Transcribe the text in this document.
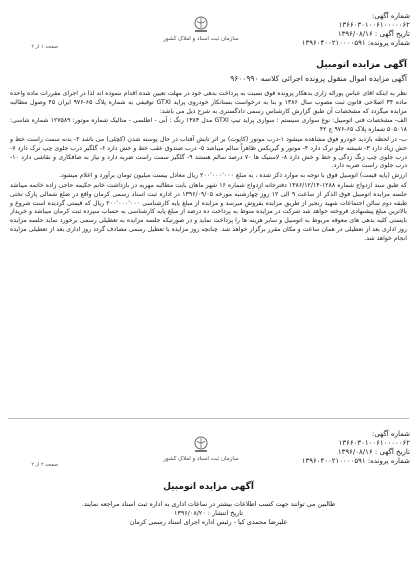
شماره آگهی: ۱۳۶۶۰۳۰۱۰۰۶۱۰۰۰۰۰۶۲
تاریخ آگهی : ۱۳۹۶/۰۸/۱۶
شماره پرونده: ۱۳۹۶۰۴۰۰۲۱۰۰۰۰۵۹۱
سازمان ثبت اسناد و املاک کشور
صفحه ۱ از ۲
آگهی مزایده اتومبیل
آگهی مزایده اموال منقول پرونده اجرائی کلاسه ۹۶۰۰۹۹۰

نظر به اینکه آقای عباس پورآله زاری بدهکار پرونده فوق نسبت به پرداخت بدهی خود در مهلت تعیین شده اقدام ننموده اند لذا در اجرای مقررات ماده واحده ماده ۳۴ اصلاحی قانون ثبت مصوب سال ۱۳۸۶ و بنا به درخواست بستانکار خودروی پراید GTXI توقیفی به شماره پلاک ۶۵-۹۷۶ ایران ۴۵ وصول مطالبه مزایده میگردد که مشخصات آن طبق گزارش کارشناس رسمی دادگستری به شرح ذیل می باشد:

الف- مشخصات فنی اتومبیل: نوع سواری سیستم : سواری پراید تیپ GTXI مدل ۱۳۸۳ رنگ : آبی - اطلسی - متالیک شماره موتور: ۱۲۷۵۸۹ شماره شاسی: ۵۰۵۰۱۸ شماره پلاک ۶۵-۹۷۶ ج ۴۲

ب- در لحظه بازدید خودرو فوق مشاهده میشود ۱-درب موتور (کاپوت) بر اثر تابش آفتاب در حال پوسته شدن (کچلی) می باشد ۲- بدنه سمت راست خط و خش زیاد دارد ۳- شیشه جلو ترک دارد ۴- موتور و گیربکس ظاهراً سالم میباشد ۵- درب صندوق عقب خط و خش دارد ۶- گلگیر درب جلوی چپ ترک دارد ۷- درب جلوی چپ زنگ زدگی و خط و خش دارد ۸- لاستیک ها ۷۰ درصد سالم هستند ۹- گلگیر سمت راست ضربه دارد و نیاز به صافکاری و نقاشی دارد ۱۰- درب جلوی راست ضربه دارد.

ارزش (پایه قیمت) اتومبیل فوق با توجه به موارد ذکر شده ، به مبلغ ۲۰۰٬۰۰۰٬۰۰۰ ریال معادل بیست میلیون تومان برآورد و اعلام میشود.

که طبق سند ازدواج شماره ۱۲۸۸-۱۳۸۶/۱۲/۱۴ دفترخانه ازدواج شماره ۱۶ شهر ماهان بابت مطالبه مهریه در بازداشت خانم حکیمه حاجی زاده خاتمه میباشد جلسه مزایده اتومبیل فوق الذکر از ساعت ۹ الی ۱۲ روز چهارشنبه مورخه ۱۳۹۶/۰۹/۰۵ در اداره ثبت اسناد رسمی کرمان واقع در ضلع شمالی پارک تختی طبقه دوم سالن اجتماعات شهید رنجبر از طریق مزایده بفروش میرسد و مزایده از مبلغ پایه کارشناسی ۲۰۰٬۰۰۰٬۰۰۰ ریال که قیمتی گردیده است شروع و بالاترین مبلغ پیشنهادی فروخته خواهد شد شرکت در مزایده منوط به پرداخت ده درصد از مبلغ پایه کارشناسی به حساب سپرده ثبت کرمان میباشد و خریدار بایستی کلیه بدهی های معوقه مربوط به اتومبیل و سایر هزینه ها را پرداخت نماید و در صورتیکه جلسه مزایده به تعطیلی رسمی برخورد نماید جلسه مزایده روز اداری بعد از تعطیلی در همان ساعت و مکان مقرر برگزار خواهد شد. چنانچه روز مزایده با تعطیل رسمی مصادف گردد روز اداری بعد از تعطیلی مزایده انجام خواهد شد.

شماره آگهی: ۱۳۶۶۰۳۰۱۰۰۶۱۰۰۰۰۰۶۲
تاریخ آگهی : ۱۳۹۶/۰۸/۱۶
شماره پرونده: ۱۳۹۶۰۴۰۰۲۱۰۰۰۰۵۹۱
سازمان ثبت اسناد و املاک کشور
صفحه ۲ از ۲
آگهی مزایده اتومبیل
طالبین می توانند جهت کسب اطلاعات بیشتر در ساعات اداری به اداره ثبت اسناد مراجعه نمایند.
تاریخ انتشار : ۱۳۹۶/۰۸/۲۰
علیرضا محمدی کیا - رئیس اداره اجرای اسناد رسمی کرمان
